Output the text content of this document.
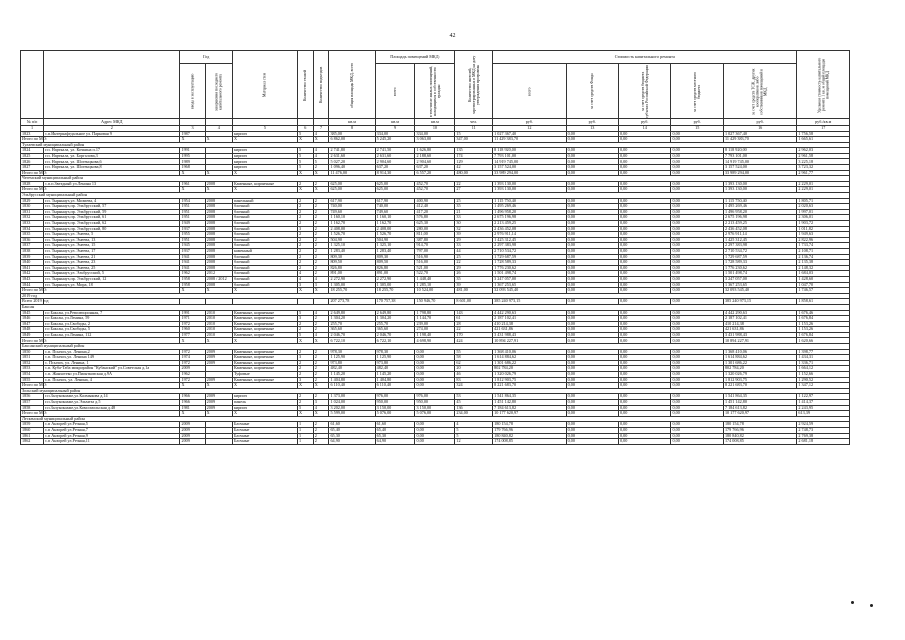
42
		Год		Материал стен	Количество этажей	Количество подъездов	общая площадь МКД, всего	Площадь помещений МКД:		Количество жителей, зарегистрированных в МКД на дату утверждения программы	Стоимость капитального ремонта					Удельная стоимость капитального ремонта 1 кв. м общей площади помещений МКД
		ввода в эксплуатацию	завершения последнего капитального ремонта					всего	в том числе жилых помещений, находящихся в собственности граждан		всего	за счет средств Фонда	за счет средств бюджета субъекта Российской Федерации	за счет средств местного бюджета	за счет средств ТСЖ, других кооперативов либо собственников помещений в МКД	
№ п/п	Адрес МКД						кв.м	кв.м	кв.м	чел.	руб.	руб.	руб.	руб.	руб.	руб./кв.м
1	2	3	4	5	6	7	8	9	10	11	12	13	14	15	16	17
1823	с.п.Интеркафедальное ул. Парковая 9	1987		кирпич	5	4	385,00	334,00	334,00	15	1 027 367,40	0,00	0,00	0,00	1 027 367,40	1 756,58
Итого по МО:		X	X	X	X	X	6 862,00	5 245,20	3 063,00	347,00	11 429 383,70	0,00	0,00	0,00	11 429 383,70	1 665,61
Тулаевский муниципальный район																
1824	г.п. Нарткала, ул. Кочкина п.17	1991		кирпич	5	4	2 741,80	2 741,50	1 626,80	135	8 118 920,00	0,00	0,00	0,00	8 118 920,00	2 962,03
1825	г.п. Нарткала, ул. Боргалова,3	1995		кирпич	5	4	2 631,60	2 631,60	2 188,60	174	7 793 101,00	0,00	0,00	0,00	7 793 101,00	2 961,58
1826	г.п. Нарткала, ул. Шогенцкова,6	1989		кирпич	5	5	5 027,20	2 904,60	2 904,60	129	14 919 745,00	0,00	0,00	0,00	14 919 745,00	3 225,18
1827	г.п. Нарткала, ул. Шогенцкова,8	1968		кирпич	5	2	1 096,40	637,20	637,20	42	3 157 524,00	0,00	0,00	0,00	3 157 524,00	3 723,32
Итого по МО:		X	X	X	X	X	11 476,00	8 914,30	6 557,20	480,00	33 989 294,00	0,00	0,00	0,00	33 989 294,00	2 961,77
Чегемский муниципальный район																
1828	с.п.п.Звездный ул.Ленина 13	1961	2008	Каменные, кирпичные	2	2	625,00	625,00	452,70	22	1 393 130,00	0,00	0,00	0,00	1 393 130,00	2 229,01
Итого по МО:		X	X	X	X	X	625,00	625,00	452,70	27	1 393 130,00	0,00	0,00	0,00	1 393 130,00	2 229,01
Эльбрусский муниципальный район																
1829	г.п. Тырныауз,ул. Мизиева, 4	1954	2008	панельный	2	2	617,90	617,90	400,90	25	1 115 750,40	0,00	0,00	0,00	1 115 750,40	1 805,71
1830	г.п. Тырныауз,пр. Эльбрусский, 57	1951	2008	блочный	2	2	740,00	740,00	412,40	35	1 495 269,46	0,00	0,00	0,00	1 495 269,46	2 020,63
1831	г.п. Тырныауз,пр. Эльбрусский, 59	1951	2008	блочный	2	2	749,60	749,60	417,20	21	1 496 958,20	0,00	0,00	0,00	1 496 958,20	1 997,01
1832	г.п. Тырныауз,пр. Эльбрусский, 61	1951	2008	блочный	2	2	1 160,10	1 160,10	576,80	33	2 675 196,98	0,00	0,00	0,00	2 675 196,98	2 306,01
1833	г.п. Тырныауз,пр. Эльбрусский, 62	1949	2008	блочный	2	2	1 162,70	1 162,70	625,30	30	2 213 459,25	0,00	0,00	0,00	2 213 459,25	1 903,72
1834	г.п. Тырныауз,пр. Эльбрусский, 80	1937	2008	блочный	3	2	2 408,00	2 408,00	280,00	32	2 436 452,08	0,00	0,00	0,00	2 436 452,08	1 011,82
1835	г.п. Тырныауз,ул. Энеева, 5	1955	2008	блочный	2	2	1 526,70	1 526,70	811,00	39	2 976 911,14	0,00	0,00	0,00	2 976 911,14	1 949,63
1836	г.п. Тырныауз,ул. Энеева, 13	1951	2008	блочный	2	2	504,90	504,90	387,80	29	1 425 312,45	0,00	0,00	0,00	1 425 312,45	2 822,96
1837	г.п. Тырныауз,ул. Энеева, 15	1945	2008	блочный	2	2	1 325,10	1 325,10	914,70	33	2 297 383,98	0,00	0,00	0,00	2 297 383,98	1 733,74
1838	г.п. Тырныауз,ул. Энеева, 17	1937	2008	каменный	2	2	1 283,40	1 283,40	797,00	44	2 710 534,72	0,00	0,00	0,00	2 710 534,72	2 108,71
1839	г.п. Тырныауз,ул. Энеева, 21	1941	2008	блочный	2	2	809,30	809,30	516,90	25	1 729 687,59	0,00	0,00	0,00	1 729 687,59	2 136,74
1840	г.п. Тырныауз,ул. Энеева, 23	1941	2008	блочный	2	2	809,50	809,50	516,00	22	1 728 589,33	0,00	0,00	0,00	1 728 589,33	2 135,38
1841	г.п. Тырныауз,ул. Энеева, 25	1941	2008	блочный	2	2	826,80	826,80	521,00	29	1 776 230,62	0,00	0,00	0,00	1 776 230,62	2 148,32
1842	г.п. Тырныауз,ул. Эльбрусский, 5	1962	2012	блочный	4	2	891,00	891,00	522,70	26	1 501 498,74	0,00	0,00	0,00	1 501 498,74	1 684,03
1843	г.п. Тырныауз,пр. Эльбрусский, 12	1958	2008 / 2012	блочный	4	4	2 272,90	2 272,90	1 448,40	35	3 247 057,00	0,00	0,00	0,00	3 247 057,00	1 428,60
1844	г.п. Тырныауз,ул. Мира, 18	1958	2008	блочный	3	3	1 305,00	1 305,00	1 285,10	39	1 367 253,65	0,00	0,00	0,00	1 367 253,65	1 047,70
Итого по МО:		X	X	X	X	X	18 255,70	18 255,70	10 524,00	481,00	32 093 545,40	0,00	0,00	0,00	32 093 545,40	1 746,57
2019 год																
Всего 2019 год							207 273,78	170 757,38	150 946,70	8 601,00	385 240 973,15	0,00	0,00	0,00	385 240 973,15	1 858,61
Баксан																
1845	г.о Баксан, ул.Революционная, 7	1991	2010	Каменные, кирпичные	5	4	2 649,80	2 649,80	1 798,80	143	4 442 290,63	0,00	0,00	0,00	4 442 290,63	1 676,46
1846	г.о Баксан, ул.Ленина, 59	1971	2010	Каменные, кирпичные	3	2	1 304,20	1 304,20	1 144,70	61	2 187 102,41	0,00	0,00	0,00	2 187 102,41	1 676,84
1847	г.о Баксан, ул.Свободы, 2	1972	2010	Каменные, кирпичные	2	2	255,70	255,70	239,00	28	410 214,38	0,00	0,00	0,00	410 214,38	1 153,26
1848	г.о Баксан, ул.Свободы, 5	1960	2010	Каменные, кирпичные	2	2	365,60	365,60	274,00	22	421 631,86	0,00	0,00	0,00	421 631,86	1 153,26
1849	г.о Баксан, ул.Ленина, 112	1977	2010	Каменные, кирпичные	5	4	2 046,70	2 046,70	1 198,40	170	3 431 988,43	0,00	0,00	0,00	3 431 988,43	1 676,84
Итого по МО:		X	X	X	X	X	6 722,10	6 722,10	4 698,90	424	10 894 227,91	0,00	0,00	0,00	10 894 227,91	1 620,66
Баксанский муниципальный район																
1850	с.п. Псычох,ул. Ленина,2	1972	2009	Каменные, кирпичные	2	2	978,30	978,30	0,00	55	1 368 410,06	0,00	0,00	0,00	1 368 410,06	1 398,77
1851	с.п. Псычох,ул. Ленина 149	1974	2009	Каменные, кирпичные	3	2	1 125,90	1 125,90	0,00	58	1 614 884,62	0,00	0,00	0,00	1 614 884,62	1 434,31
1852	с. Псычох, ул. Ленина, 1	1972	2009	Каменные, кирпичные	2	2	973,80	973,80	0,00	62	1 301 686,22	0,00	0,00	0,00	1 301 686,22	1 336,71
1853	с.п. Куба-Таба микрорайон "Кубанский" ул.Советская д.1а	2009		Каменные, кирпичные	2	2	482,40	482,40	0,00	20	802 784,20	0,00	0,00	0,00	802 784,20	1 664,12
1854	с.п. Жанхотеко ул.Пионтковская д.9А	1962		Туфовые	2	2	1 145,20	1 145,20	0,00	46	1 320 026,79	0,00	0,00	0,00	1 320 026,79	1 152,66
1855	с.п. Псычох, ул. Ленина, 4	1972	2009	Каменные, кирпичные	3	2	1 404,80	1 404,80	0,00	83	1 812 903,75	0,00	0,00	0,00	1 812 903,75	1 290,52
Итого по МО:		X	X	X	X	X	6 110,40	6 110,40	0,00	324	8 221 683,70	0,00	0,00	0,00	8 221 683,70	1 347,12
Зольский муниципальный район																
1856	г.п.Залукокоаже,ул.Калмыкова д.14	1966	2009	кирпич	2	2	1 373,00	976,00	976,00	53	1 541 864,35	0,00	0,00	0,00	1 541 864,35	1 122,97
1857	г.п.Залукокоаже,ул.Эльмеза д.5	1966	2009	панель	2	3	1 024,00	950,00	950,00	45	1 451 142,80	0,00	0,00	0,00	1 451 142,80	1 414,37
1858	г.п.Залукокоаже,ул.Комсомольская д.48	1981	2009	кирпич	5	4	3 202,00	3 150,00	3 150,00	136	7 184 613,82	0,00	0,00	0,00	7 184 613,82	2 243,95
Итого по МО:		X	X	X	X	X	5 599,00	5 076,00	5 076,00	234,00	10 177 620,97	0,00	0,00	0,00	10 177 620,97	613,39
Лескенский муниципальный район																
1859	с.п Анзорей ул.Речная,5	2009		Блочные	1	2	61,60	61,60	0,00	4	180 154,78	0,00	0,00	0,00	180 154,78	2 924,59
1860	с.п Анзорей ул.Речная,7	2009		Блочные	1	2	65,40	65,40	0,00	5	179 766,96	0,00	0,00	0,00	179 766,96	2 748,73
1861	с.п Анзорей ул.Речная,9	2009		Блочные	1	2	65,30	65,30	0,00	5	180 840,82	0,00	0,00	0,00	180 840,82	2 769,38
1862	с.п Анзорей ул.Речная,11	2009		Блочные	1	2	64,90	64,90	0,00	12	174 008,85	0,00	0,00	0,00	174 008,85	2 681,18
